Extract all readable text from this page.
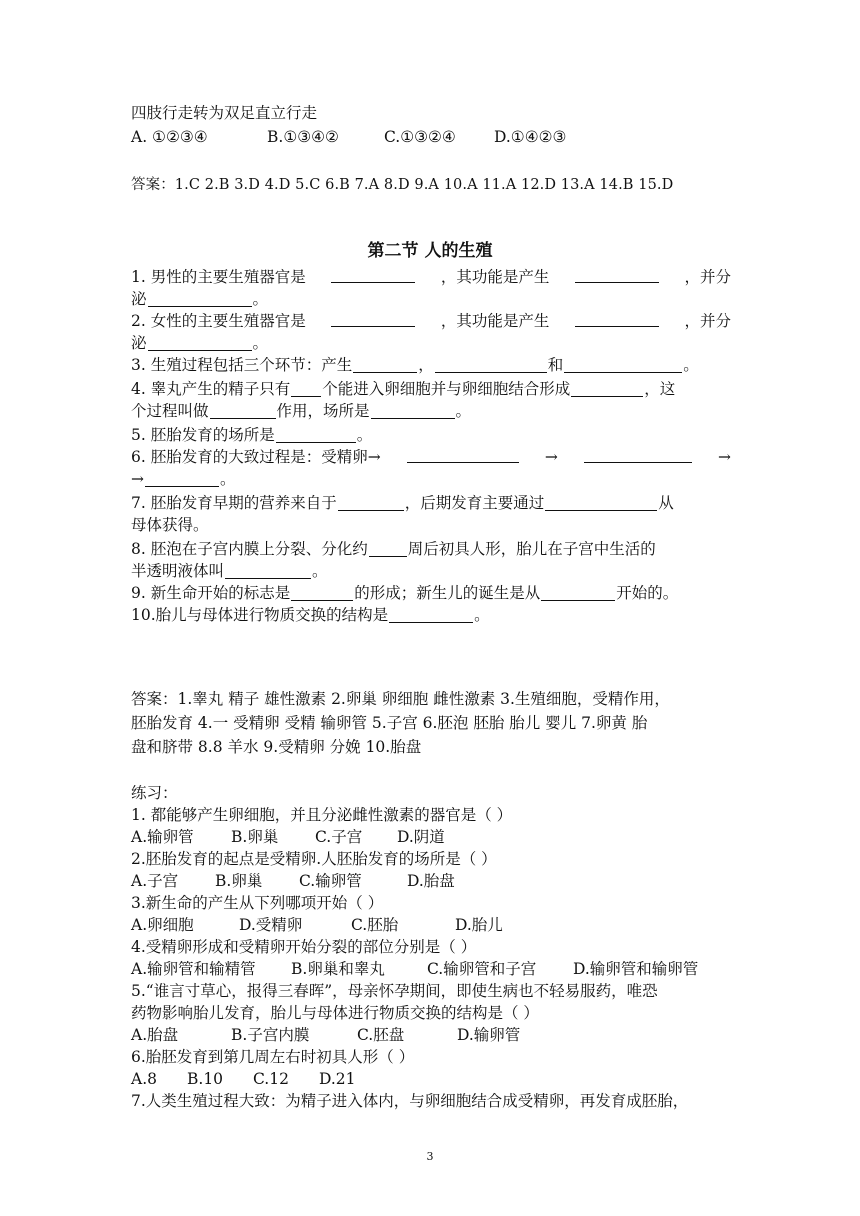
四肢行走转为双足直立行走
A. ①②③④	B.①③④②	C.①③②④ D.①④②③
答案：1.C 2.B 3.D 4.D 5.C 6.B 7.A 8.D 9.A 10.A 11.A 12.D 13.A 14.B 15.D
第二节 人的生殖
1. 男性的主要生殖器官是	，其功能是产生	，并分
泌	。
2. 女性的主要生殖器官是	，其功能是产生	，并分
泌	。
3. 生殖过程包括三个环节：产生	，	和	。
4. 睾丸产生的精子只有 个能进入卵细胞并与卵细胞结合形成	，这
个过程叫做	作用，场所是	。
5. 胚胎发育的场所是	。
6. 胚胎发育的大致过程是：受精卵→	→	→
→	。
7. 胚胎发育早期的营养来自于	，后期发育主要通过	从
母体获得。
8. 胚泡在子宫内膜上分裂、分化约	周后初具人形，胎儿在子宫中生活的
半透明液体叫	。
9. 新生命开始的标志是	的形成；新生儿的诞生是从	开始的。
10.胎儿与母体进行物质交换的结构是	。
答案：1.睾丸 精子 雄性激素 2.卵巢 卵细胞 雌性激素 3.生殖细胞，受精作用，
胚胎发育 4.一 受精卵 受精 输卵管 5.子宫 6.胚泡 胚胎 胎儿 婴儿 7.卵黄 胎
盘和脐带 8.8 羊水 9.受精卵 分娩 10.胎盘
练习：
1. 都能够产生卵细胞，并且分泌雌性激素的器官是（ ）
A.输卵管 B.卵巢 C.子宫 D.阴道
2.胚胎发育的起点是受精卵.人胚胎发育的场所是（ ）
A.子宫 B.卵巢 C.输卵管	D.胎盘
3.新生命的产生从下列哪项开始（ ）
A.卵细胞	D.受精卵	C.胚胎	D.胎儿
4.受精卵形成和受精卵开始分裂的部位分别是（ ）
A.输卵管和输精管 B.卵巢和睾丸	C.输卵管和子宫 D.输卵管和输卵管
5.“谁言寸草心，报得三春晖”，母亲怀孕期间，即使生病也不轻易服药，唯恐
药物影响胎儿发育，胎儿与母体进行物质交换的结构是（ ）
A.胎盘	B.子宫内膜	C.胚盘	D.输卵管
6.胎胚发育到第几周左右时初具人形（ ）
A.8 B.10 C.12 D.21
7.人类生殖过程大致：为精子进入体内，与卵细胞结合成受精卵，再发育成胚胎，
3
